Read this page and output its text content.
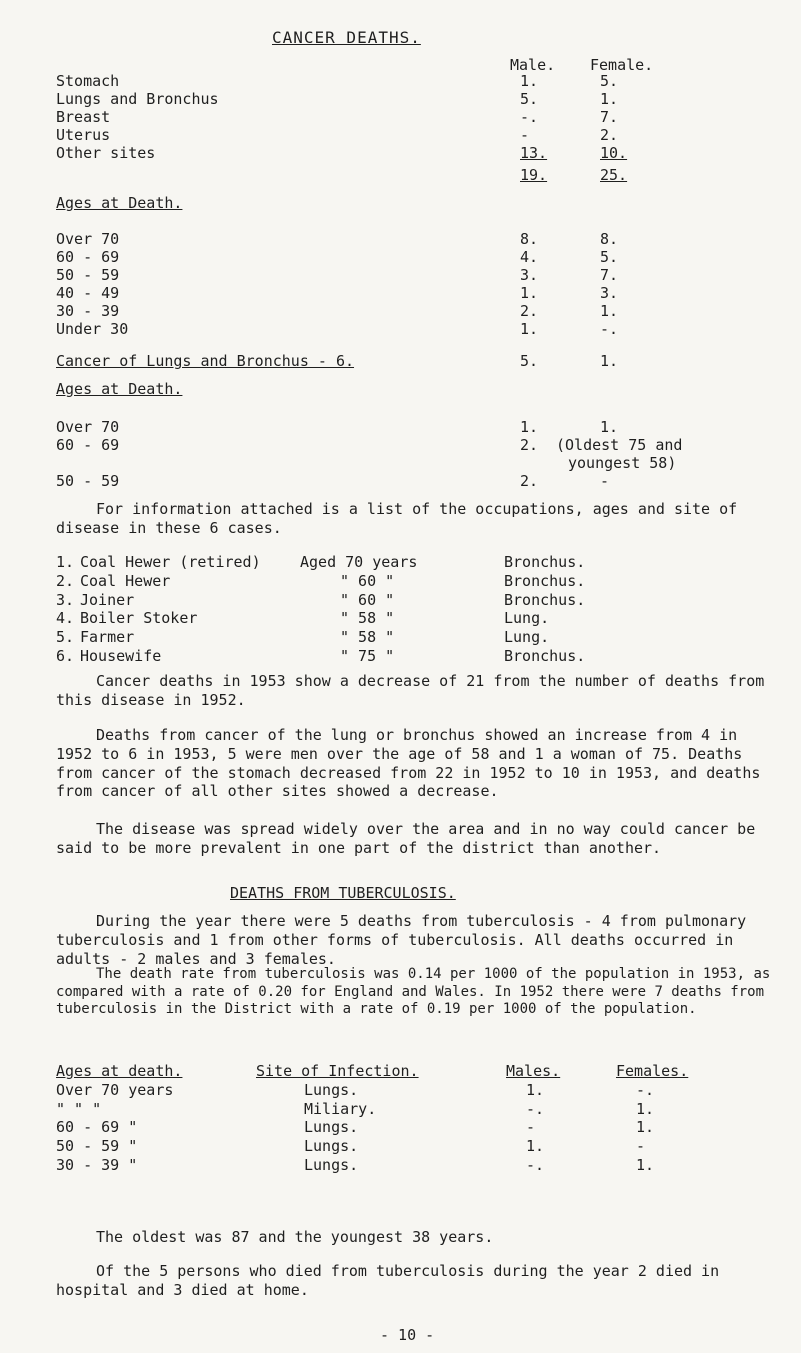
CANCER DEATHS.
Male. Female.
Stomach	1.	5.
Lungs and Bronchus	5.	1.
Breast	-.	7.
Uterus	-	2.
Other sites	13.	10.
19.	25.
Ages at Death.
Over 70	8.	8.
60 - 69	4.	5.
50 - 59	3.	7.
40 - 49	1.	3.
30 - 39	2.	1.
Under 30	1.	-.
Cancer of Lungs and Bronchus - 6.	5.	1.
Ages at Death.
Over 70	1.	1.
60 - 69	2. (Oldest 75 and
youngest 58)
50 - 59	2.	-
For information attached is a list of the occupations, ages and site of disease in these 6 cases.
1.	Coal Hewer (retired)	Aged 70 years	Bronchus.
2.	Coal Hewer	" 60 "	Bronchus.
3.	Joiner	" 60 "	Bronchus.
4.	Boiler Stoker	" 58 "	Lung.
5.	Farmer	" 58 "	Lung.
6.	Housewife	" 75 "	Bronchus.
Cancer deaths in 1953 show a decrease of 21 from the number of deaths from this disease in 1952.
Deaths from cancer of the lung or bronchus showed an increase from 4 in 1952 to 6 in 1953, 5 were men over the age of 58 and 1 a woman of 75. Deaths from cancer of the stomach decreased from 22 in 1952 to 10 in 1953, and deaths from cancer of all other sites showed a decrease.
The disease was spread widely over the area and in no way could cancer be said to be more prevalent in one part of the district than another.
DEATHS FROM TUBERCULOSIS.
During the year there were 5 deaths from tuberculosis - 4 from pulmonary tuberculosis and 1 from other forms of tuberculosis. All deaths occurred in adults - 2 males and 3 females.
Ages at death.	Site of Infection.	Males.	Females.
Over 70 years	Lungs.	1.	-.
" " "	Miliary.	-.	1.
60 - 69 "	Lungs.	-	1.
50 - 59 "	Lungs.	1.	-
30 - 39 "	Lungs.	-.	1.
The oldest was 87 and the youngest 38 years.
Of the 5 persons who died from tuberculosis during the year 2 died in hospital and 3 died at home.
- 10 -
The death rate from tuberculosis was 0.14 per 1000 of the population in 1953, as compared with a rate of 0.20 for England and Wales. In 1952 there were 7 deaths from tuberculosis in the District with a rate of 0.19 per 1000 of the population.
